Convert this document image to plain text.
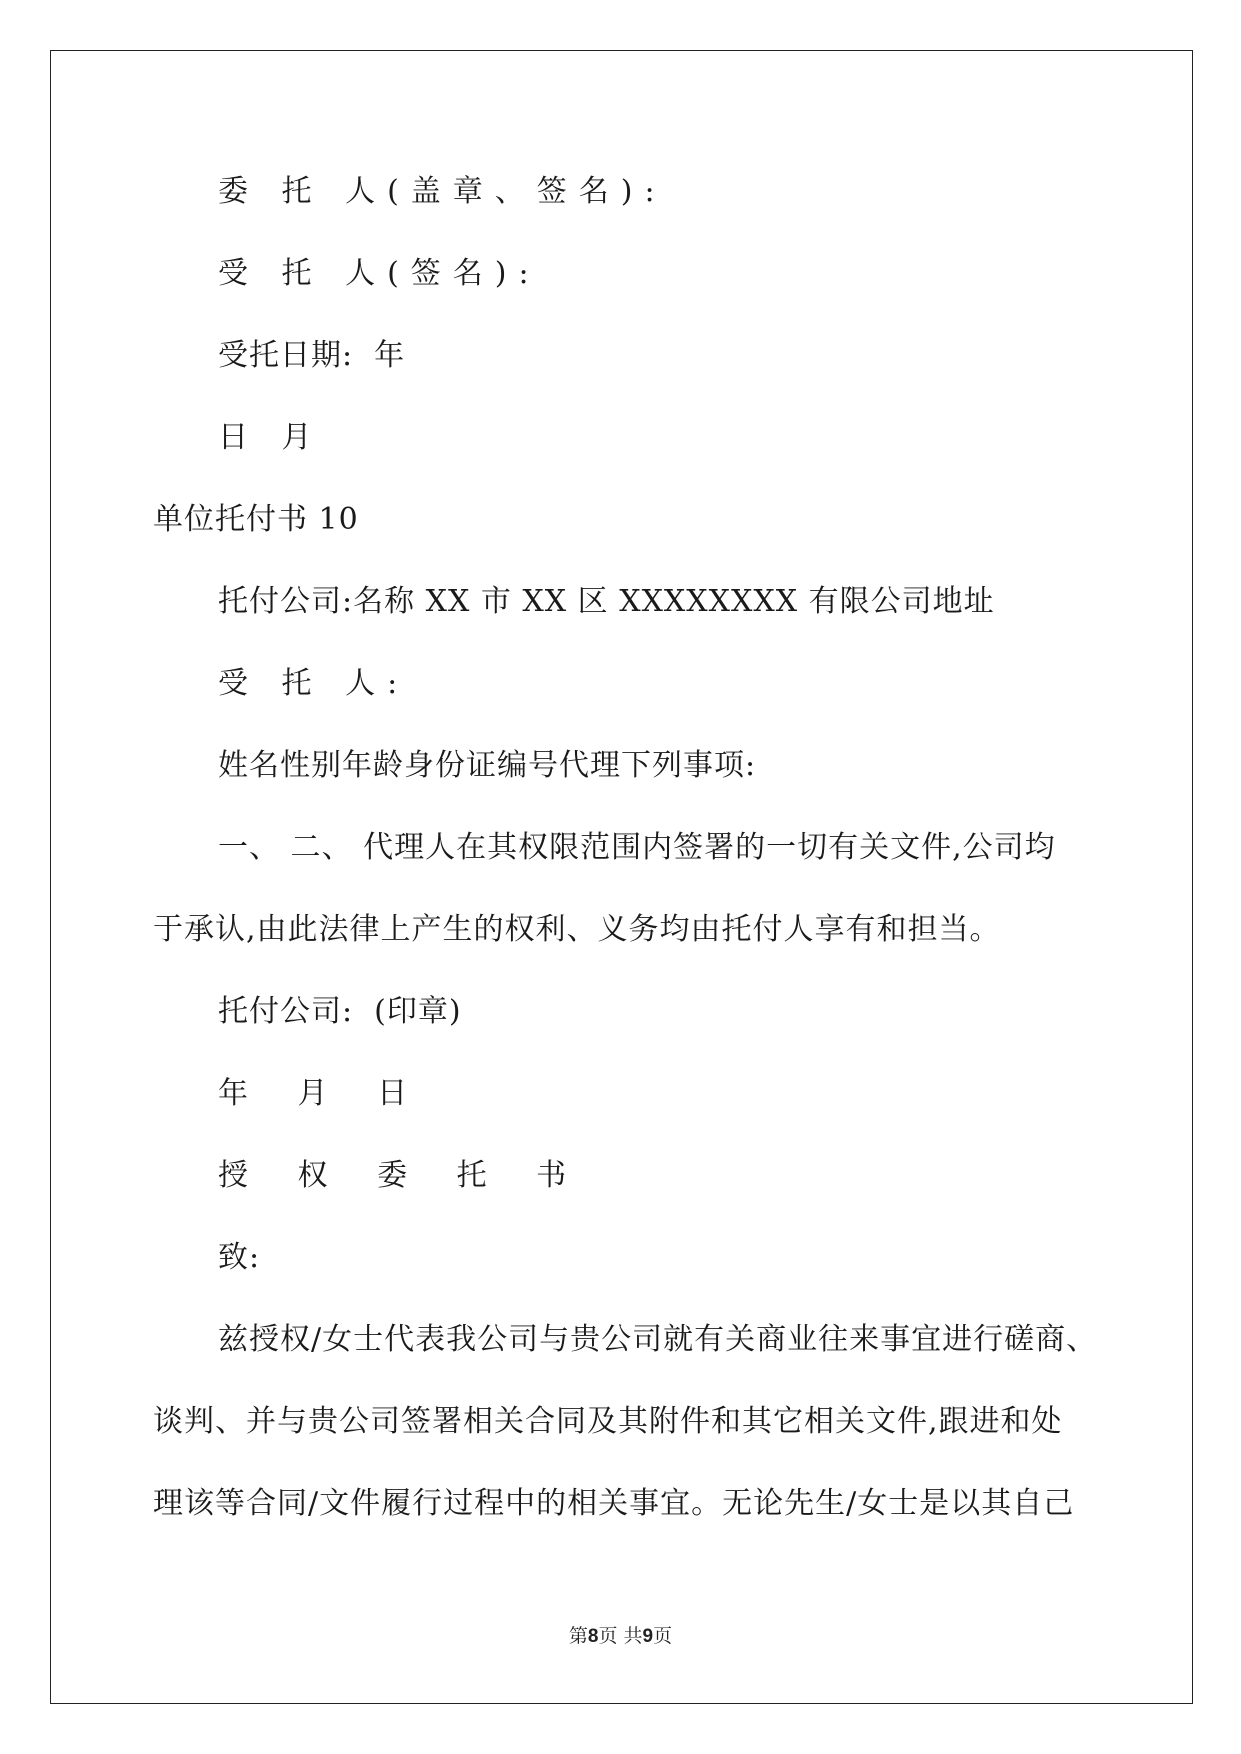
委 托 人(盖章、签名):
受 托 人(签名):
受托日期:  年
日 月
单位托付书 10
托付公司:名称 XX 市 XX 区 XXXXXXXX 有限公司地址
受 托 人:
姓名性别年龄身份证编号代理下列事项:
一、 二、 代理人在其权限范围内签署的一切有关文件,公司均
于承认,由此法律上产生的权利、义务均由托付人享有和担当。
托付公司:  (印章)
年 月 日
授 权 委 托 书
致:
兹授权/女士代表我公司与贵公司就有关商业往来事宜进行磋商、
谈判、并与贵公司签署相关合同及其附件和其它相关文件,跟进和处
理该等合同/文件履行过程中的相关事宜。无论先生/女士是以其自己
第8页 共9页
